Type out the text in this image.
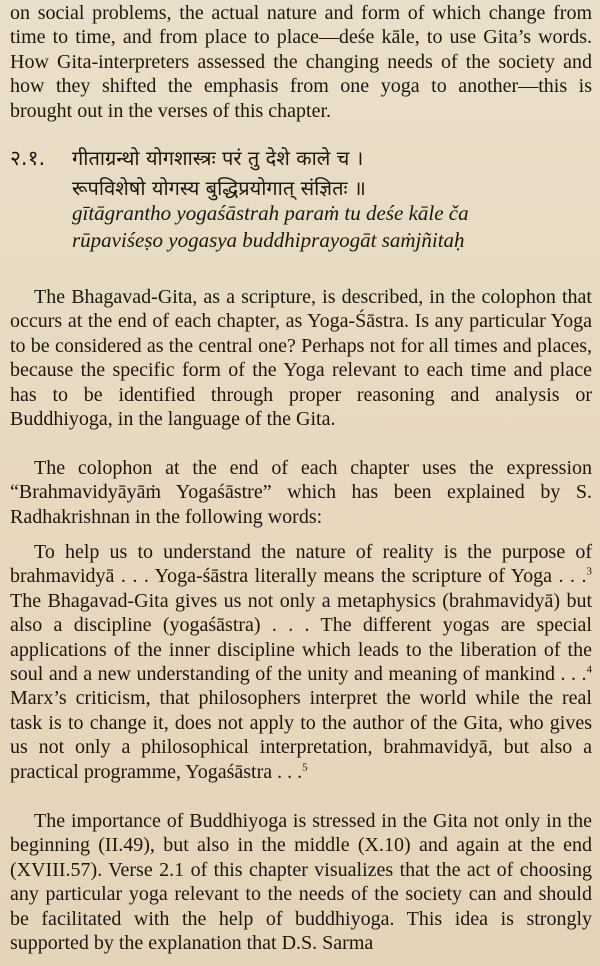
on social problems, the actual nature and form of which change from time to time, and from place to place—deśe kāle, to use Gita’s words. How Gita-interpreters assessed the changing needs of the society and how they shifted the emphasis from one yoga to another—this is brought out in the verses of this chapter.

२.१. गीताग्रन्थो योगशास्त्रः परं तु देशे काले च ।
रूपविशेषो योगस्य बुद्धिप्रयोगात् संज्ञितः ॥
gītāgrantho yogaśāstrah paraṁ tu deśe kāle ča
rūpaviśeṣo yogasya buddhiprayogāt saṁjñitaḥ

The Bhagavad-Gita, as a scripture, is described, in the colophon that occurs at the end of each chapter, as Yoga-Śāstra. Is any particular Yoga to be considered as the central one? Perhaps not for all times and places, because the specific form of the Yoga relevant to each time and place has to be identified through proper reasoning and analysis or Buddhiyoga, in the language of the Gita.

The colophon at the end of each chapter uses the expression “Brahmavidyāyāṁ Yogaśāstre” which has been explained by S. Radhakrishnan in the following words:

To help us to understand the nature of reality is the purpose of brahmavidyā . . . Yoga-śāstra literally means the scripture of Yoga . . .$^3$ The Bhagavad-Gita gives us not only a metaphysics (brahmavidyā) but also a discipline (yogaśāstra) . . . The different yogas are special applications of the inner discipline which leads to the liberation of the soul and a new understanding of the unity and meaning of mankind . . .$^4$ Marx’s criticism, that philosophers interpret the world while the real task is to change it, does not apply to the author of the Gita, who gives us not only a philosophical interpretation, brahmavidyā, but also a practical programme, Yogaśāstra . . .$^5$

The importance of Buddhiyoga is stressed in the Gita not only in the beginning (II.49), but also in the middle (X.10) and again at the end (XVIII.57). Verse 2.1 of this chapter visualizes that the act of choosing any particular yoga relevant to the needs of the society can and should be facilitated with the help of buddhiyoga. This idea is strongly supported by the explanation that D.S. Sarma
